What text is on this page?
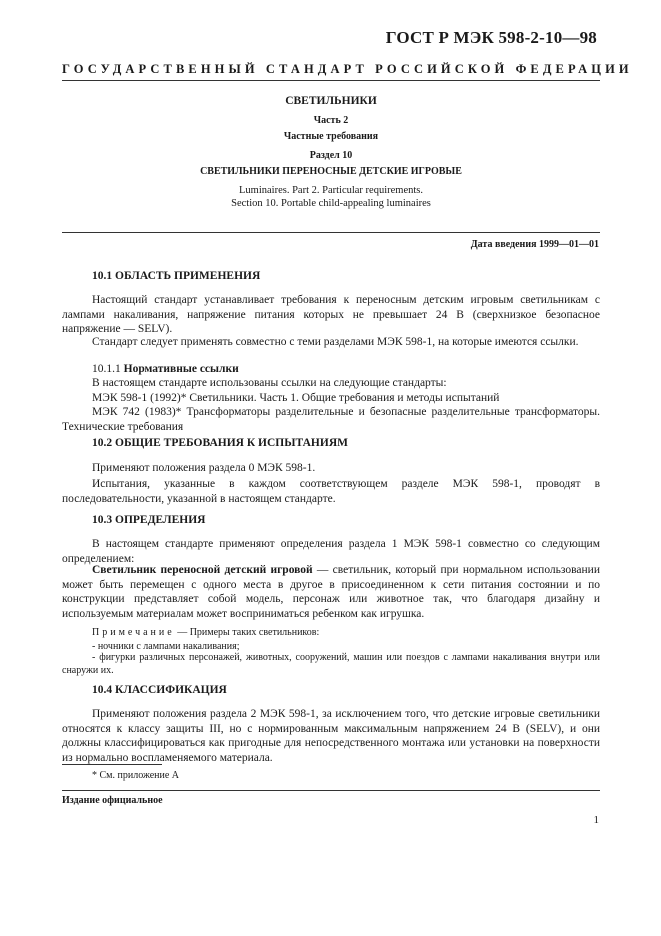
ГОСТ Р МЭК 598-2-10—98
ГОСУДАРСТВЕННЫЙ СТАНДАРТ РОССИЙСКОЙ ФЕДЕРАЦИИ
СВЕТИЛЬНИКИ
Часть 2
Частные требования
Раздел 10
СВЕТИЛЬНИКИ ПЕРЕНОСНЫЕ ДЕТСКИЕ ИГРОВЫЕ
Luminaires. Part 2. Particular requirements.
Section 10. Portable child-appealing luminaires
Дата введения 1999—01—01
10.1 ОБЛАСТЬ ПРИМЕНЕНИЯ
Настоящий стандарт устанавливает требования к переносным детским игровым светильникам с лампами накаливания, напряжение питания которых не превышает 24 В (сверхнизкое безопасное напряжение — SELV).
Стандарт следует применять совместно с теми разделами МЭК 598-1, на которые имеются ссылки.
10.1.1 Нормативные ссылки
В настоящем стандарте использованы ссылки на следующие стандарты:
МЭК 598-1 (1992)* Светильники. Часть 1. Общие требования и методы испытаний
МЭК 742 (1983)* Трансформаторы разделительные и безопасные разделительные трансформаторы. Технические требования
10.2 ОБЩИЕ ТРЕБОВАНИЯ К ИСПЫТАНИЯМ
Применяют положения раздела 0 МЭК 598-1.
Испытания, указанные в каждом соответствующем разделе МЭК 598-1, проводят в последовательности, указанной в настоящем стандарте.
10.3 ОПРЕДЕЛЕНИЯ
В настоящем стандарте применяют определения раздела 1 МЭК 598-1 совместно со следующим определением:
Светильник переносной детский игровой — светильник, который при нормальном использовании может быть перемещен с одного места в другое в присоединенном к сети питания состоянии и по конструкции представляет собой модель, персонаж или животное так, что благодаря дизайну и используемым материалам может восприниматься ребенком как игрушка.
Примечание — Примеры таких светильников:
- ночники с лампами накаливания;
- фигурки различных персонажей, животных, сооружений, машин или поездов с лампами накаливания внутри или снаружи их.
10.4 КЛАССИФИКАЦИЯ
Применяют положения раздела 2 МЭК 598-1, за исключением того, что детские игровые светильники относятся к классу защиты III, но с нормированным максимальным напряжением 24 В (SELV), и они должны классифицироваться как пригодные для непосредственного монтажа или установки на поверхности из нормально воспламеняемого материала.
* См. приложение А
Издание официальное
1
